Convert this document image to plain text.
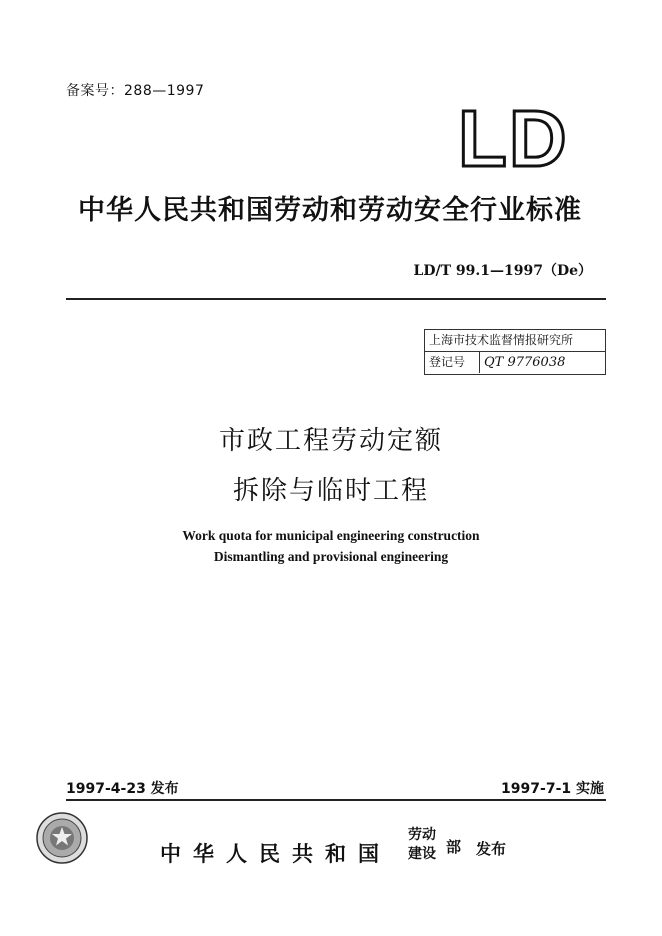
备案号：288—1997
LD
中华人民共和国劳动和劳动安全行业标准
LD/T 99.1—1997（De）
上海市技术监督情报研究所
登记号 QT 9776038
市政工程劳动定额
拆除与临时工程
Work quota for municipal engineering construction
Dismantling and provisional engineering
1997-4-23 发布	1997-7-1 实施
中华人民共和国
劳动
建设 部 发布
